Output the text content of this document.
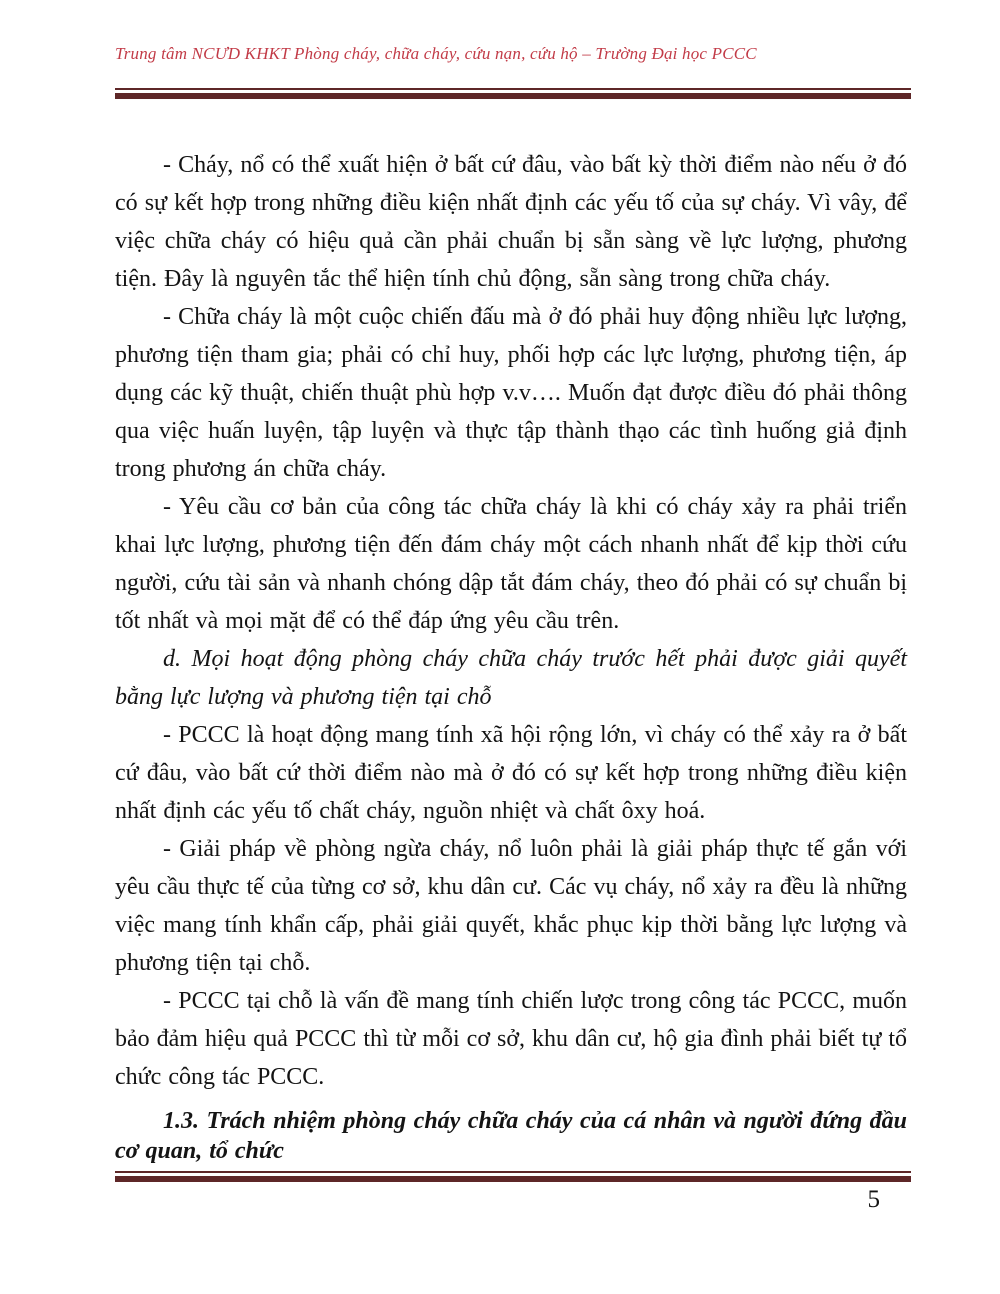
Trung tâm NCƯD KHKT Phòng cháy, chữa cháy, cứu nạn, cứu hộ – Trường Đại học PCCC

- Cháy, nổ có thể xuất hiện ở bất cứ đâu, vào bất kỳ thời điểm nào nếu ở đó có sự kết hợp trong những điều kiện nhất định các yếu tố của sự cháy. Vì vây, để việc chữa cháy có hiệu quả cần phải chuẩn bị sẵn sàng về lực lượng, phương tiện. Đây là nguyên tắc thể hiện tính chủ động, sẵn sàng trong chữa cháy.

- Chữa cháy là một cuộc chiến đấu mà ở đó phải huy động nhiều lực lượng, phương tiện tham gia; phải có chỉ huy, phối hợp các lực lượng, phương tiện, áp dụng các kỹ thuật, chiến thuật phù hợp v.v…. Muốn đạt được điều đó phải thông qua việc huấn luyện, tập luyện và thực tập thành thạo các tình huống giả định trong phương án chữa cháy.

- Yêu cầu cơ bản của công tác chữa cháy là khi có cháy xảy ra phải triển khai lực lượng, phương tiện đến đám cháy một cách nhanh nhất để kịp thời cứu người, cứu tài sản và nhanh chóng dập tắt đám cháy, theo đó phải có sự chuẩn bị tốt nhất và mọi mặt để có thể đáp ứng yêu cầu trên.

d. Mọi hoạt động phòng cháy chữa cháy trước hết phải được giải quyết bằng lực lượng và phương tiện tại chỗ

- PCCC là hoạt động mang tính xã hội rộng lớn, vì cháy có thể xảy ra ở bất cứ đâu, vào bất cứ thời điểm nào mà ở đó có sự kết hợp trong những điều kiện nhất định các yếu tố chất cháy, nguồn nhiệt và chất ôxy hoá.

- Giải pháp về phòng ngừa cháy, nổ luôn phải là giải pháp thực tế gắn với yêu cầu thực tế của từng cơ sở, khu dân cư. Các vụ cháy, nổ xảy ra đều là những việc mang tính khẩn cấp, phải giải quyết, khắc phục kịp thời bằng lực lượng và phương tiện tại chỗ.

- PCCC tại chỗ là vấn đề mang tính chiến lược trong công tác PCCC, muốn bảo đảm hiệu quả PCCC thì từ mỗi cơ sở, khu dân cư, hộ gia đình phải biết tự tổ chức công tác PCCC.

1.3. Trách nhiệm phòng cháy chữa cháy của cá nhân và người đứng đầu cơ quan, tổ chức

5
